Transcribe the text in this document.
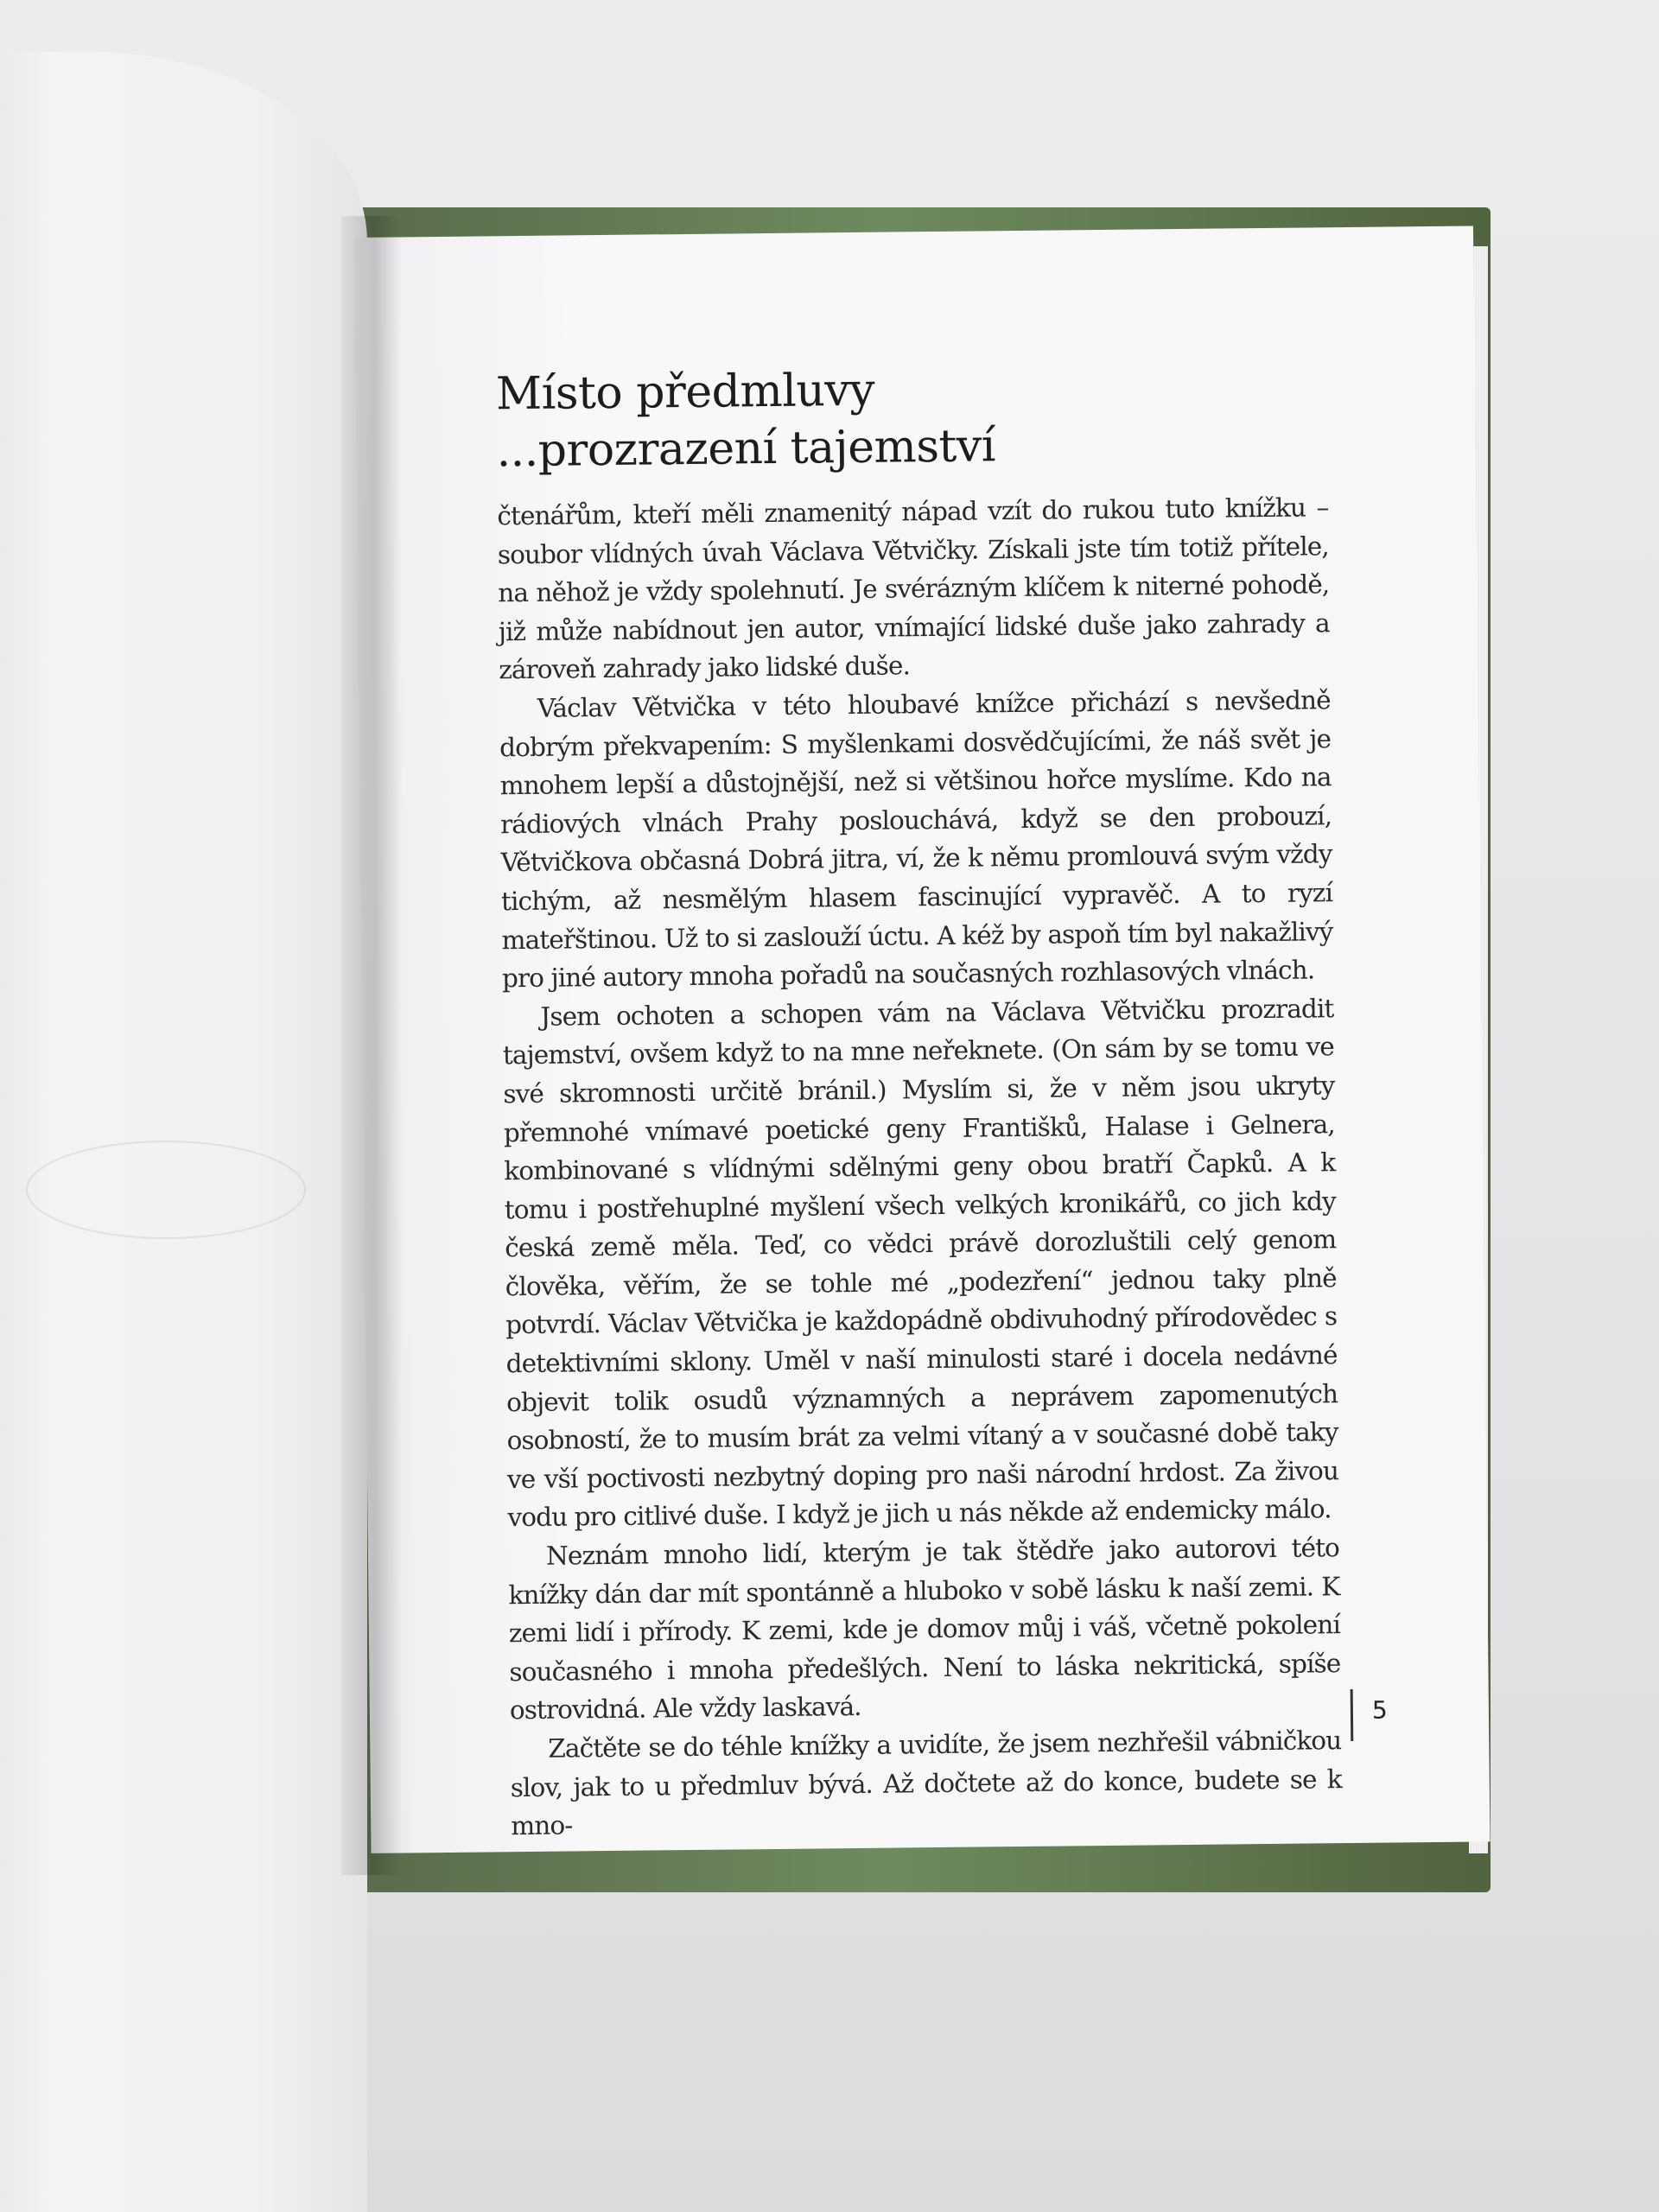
Místo předmluvy
...prozrazení tajemství

čtenářům, kteří měli znamenitý nápad vzít do rukou tuto knížku – soubor vlídných úvah Václava Větvičky. Získali jste tím totiž přítele, na něhož je vždy spolehnutí. Je svérázným klíčem k niterné pohodě, již může nabídnout jen autor, vnímající lidské duše jako zahrady a zároveň zahrady jako lidské duše.

Václav Větvička v této hloubavé knížce přichází s nevšedně dobrým překvapením: S myšlenkami dosvědčujícími, že náš svět je mnohem lepší a důstojnější, než si většinou hořce myslíme. Kdo na rádiových vlnách Prahy poslouchává, když se den probouzí, Větvičkova občasná Dobrá jitra, ví, že k němu promlouvá svým vždy tichým, až nesmělým hlasem fascinující vypravěč. A to ryzí mateřštinou. Už to si zaslouží úctu. A kéž by aspoň tím byl nakažlivý pro jiné autory mnoha pořadů na současných rozhlasových vlnách.

Jsem ochoten a schopen vám na Václava Větvičku prozradit tajemství, ovšem když to na mne neřeknete. (On sám by se tomu ve své skromnosti určitě bránil.) Myslím si, že v něm jsou ukryty přemnohé vnímavé poetické geny Františků, Halase i Gelnera, kombinované s vlídnými sdělnými geny obou bratří Čapků. A k tomu i postřehuplné myšlení všech velkých kronikářů, co jich kdy česká země měla. Teď, co vědci právě dorozluštili celý genom člověka, věřím, že se tohle mé „podezření“ jednou taky plně potvrdí. Václav Větvička je každopádně obdivuhodný přírodovědec s detektivními sklony. Uměl v naší minulosti staré i docela nedávné objevit tolik osudů významných a neprávem zapomenutých osobností, že to musím brát za velmi vítaný a v současné době taky ve vší poctivosti nezbytný doping pro naši národní hrdost. Za živou vodu pro citlivé duše. I když je jich u nás někde až endemicky málo.

Neznám mnoho lidí, kterým je tak štědře jako autorovi této knížky dán dar mít spontánně a hluboko v sobě lásku k naší zemi. K zemi lidí i přírody. K zemi, kde je domov můj i váš, včetně pokolení současného i mnoha předešlých. Není to láska nekritická, spíše ostrovidná. Ale vždy laskavá.

Začtěte se do téhle knížky a uvidíte, že jsem nezhřešil vábničkou slov, jak to u předmluv bývá. Až dočtete až do konce, budete se k mno-

5
